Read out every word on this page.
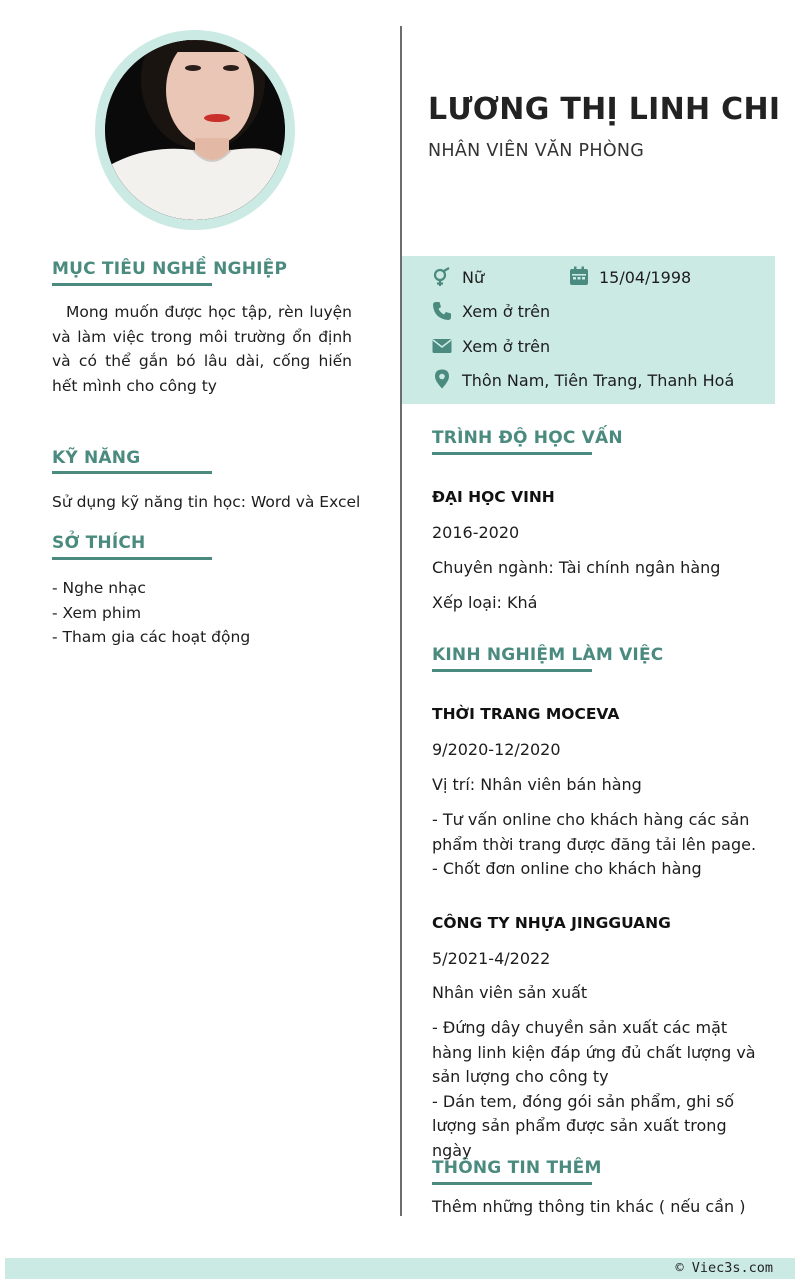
LƯƠNG THỊ LINH CHI
NHÂN VIÊN VĂN PHÒNG
MỤC TIÊU NGHỀ NGHIỆP
Mong muốn được học tập, rèn luyện và làm việc trong môi trường ổn định và có thể gắn bó lâu dài, cống hiến hết mình cho công ty
KỸ NĂNG
Sử dụng kỹ năng tin học: Word và Excel
SỞ THÍCH
- Nghe nhạc
- Xem phim
- Tham gia các hoạt động
Nữ	15/04/1998
Xem ở trên
Xem ở trên
Thôn Nam, Tiên Trang, Thanh Hoá
TRÌNH ĐỘ HỌC VẤN
ĐẠI HỌC VINH
2016-2020
Chuyên ngành: Tài chính ngân hàng
Xếp loại: Khá
KINH NGHIỆM LÀM VIỆC
THỜI TRANG MOCEVA
9/2020-12/2020
Vị trí: Nhân viên bán hàng
- Tư vấn online cho khách hàng các sản phẩm thời trang được đăng tải lên page.
- Chốt đơn online cho khách hàng
CÔNG TY NHỰA JINGGUANG
5/2021-4/2022
Nhân viên sản xuất
- Đứng dây chuyền sản xuất các mặt hàng linh kiện đáp ứng đủ chất lượng và sản lượng cho công ty
- Dán tem, đóng gói sản phẩm, ghi số lượng sản phẩm được sản xuất trong ngày
THÔNG TIN THÊM
Thêm những thông tin khác ( nếu cần )
© Viec3s.com
